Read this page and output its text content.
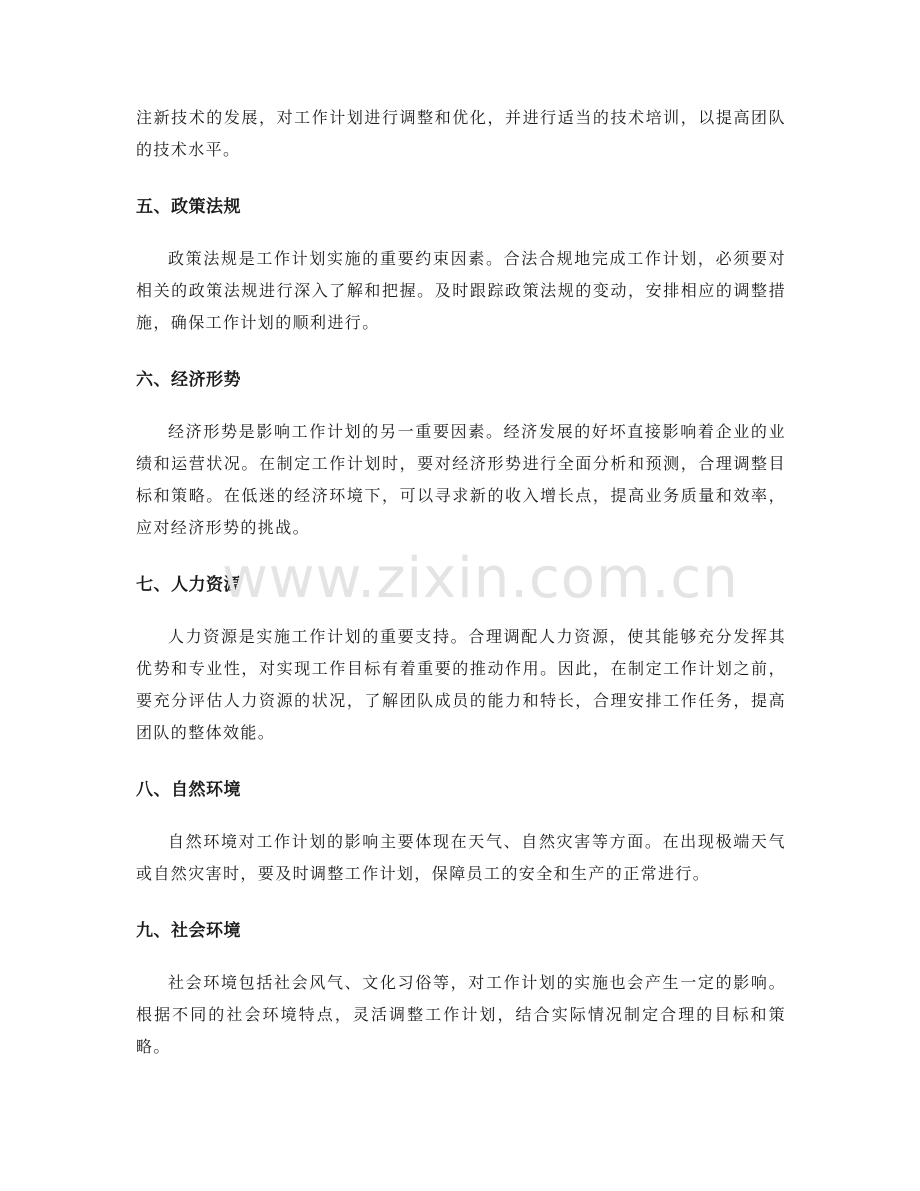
注新技术的发展，对工作计划进行调整和优化，并进行适当的技术培训，以提高团队的技术水平。

五、政策法规

政策法规是工作计划实施的重要约束因素。合法合规地完成工作计划，必须要对相关的政策法规进行深入了解和把握。及时跟踪政策法规的变动，安排相应的调整措施，确保工作计划的顺利进行。

六、经济形势

经济形势是影响工作计划的另一重要因素。经济发展的好坏直接影响着企业的业绩和运营状况。在制定工作计划时，要对经济形势进行全面分析和预测，合理调整目标和策略。在低迷的经济环境下，可以寻求新的收入增长点，提高业务质量和效率，应对经济形势的挑战。

七、人力资源

人力资源是实施工作计划的重要支持。合理调配人力资源，使其能够充分发挥其优势和专业性，对实现工作目标有着重要的推动作用。因此，在制定工作计划之前，要充分评估人力资源的状况，了解团队成员的能力和特长，合理安排工作任务，提高团队的整体效能。

八、自然环境

自然环境对工作计划的影响主要体现在天气、自然灾害等方面。在出现极端天气或自然灾害时，要及时调整工作计划，保障员工的安全和生产的正常进行。

九、社会环境

社会环境包括社会风气、文化习俗等，对工作计划的实施也会产生一定的影响。根据不同的社会环境特点，灵活调整工作计划，结合实际情况制定合理的目标和策略。

www.zixin.com.cn
